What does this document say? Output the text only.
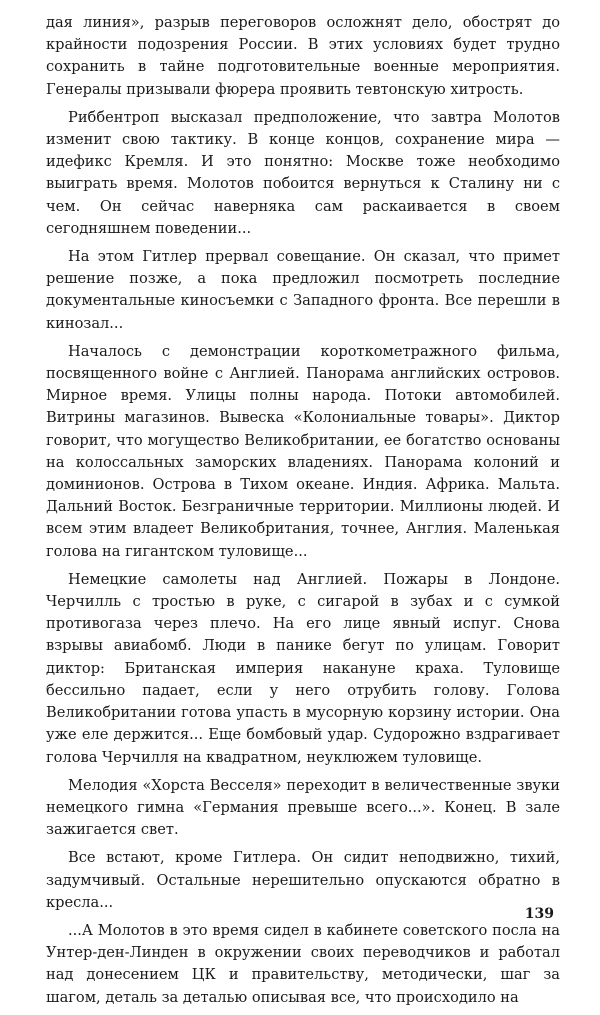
дая линия», разрыв переговоров осложнят дело, обострят до крайности подозрения России. В этих условиях будет трудно сохранить в тайне подготовительные военные мероприятия. Генералы призывали фюрера проявить тевтонскую хитрость.

Риббентроп высказал предположение, что завтра Молотов изменит свою тактику. В конце концов, сохранение мира — идефикс Кремля. И это понятно: Москве тоже необходимо выиграть время. Молотов побоится вернуться к Сталину ни с чем. Он сейчас наверняка сам раскаивается в своем сегодняшнем поведении...

На этом Гитлер прервал совещание. Он сказал, что примет решение позже, а пока предложил посмотреть последние документальные киносъемки с Западного фронта. Все перешли в кинозал...

Началось с демонстрации короткометражного фильма, посвященного войне с Англией. Панорама английских островов. Мирное время. Улицы полны народа. Потоки автомобилей. Витрины магазинов. Вывеска «Колониальные товары». Диктор говорит, что могущество Великобритании, ее богатство основаны на колоссальных заморских владениях. Панорама колоний и доминионов. Острова в Тихом океане. Индия. Африка. Мальта. Дальний Восток. Безграничные территории. Миллионы людей. И всем этим владеет Великобритания, точнее, Англия. Маленькая голова на гигантском туловище...

Немецкие самолеты над Англией. Пожары в Лондоне. Черчилль с тростью в руке, с сигарой в зубах и с сумкой противогаза через плечо. На его лице явный испуг. Снова взрывы авиабомб. Люди в панике бегут по улицам. Говорит диктор: Британская империя накануне краха. Туловище бессильно падает, если у него отрубить голову. Голова Великобритании готова упасть в мусорную корзину истории. Она уже еле держится... Еще бомбовый удар. Судорожно вздрагивает голова Черчилля на квадратном, неуклюжем туловище.

Мелодия «Хорста Весселя» переходит в величественные звуки немецкого гимна «Германия превыше всего...». Конец. В зале зажигается свет.

Все встают, кроме Гитлера. Он сидит неподвижно, тихий, задумчивый. Остальные нерешительно опускаются обратно в кресла...

...А Молотов в это время сидел в кабинете советского посла на Унтер-ден-Линден в окружении своих переводчиков и работал над донесением ЦК и правительству, методически, шаг за шагом, деталь за деталью описывая все, что происходило на

139
